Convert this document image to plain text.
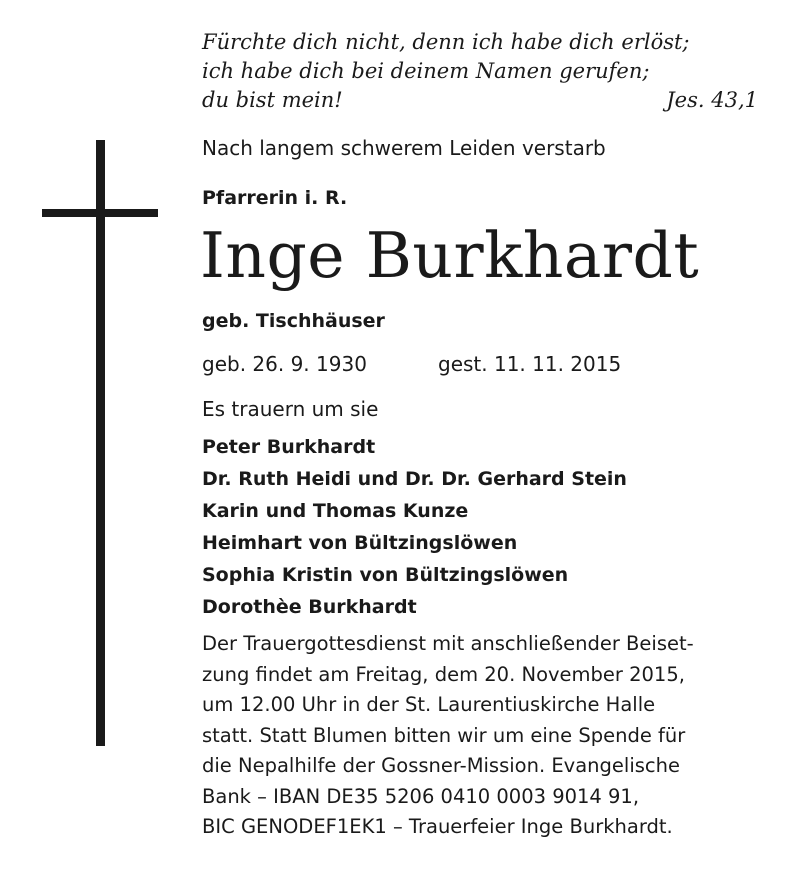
Fürchte dich nicht, denn ich habe dich erlöst;
ich habe dich bei deinem Namen gerufen;
du bist mein!	Jes. 43,1
Nach langem schwerem Leiden verstarb
Pfarrerin i. R.
Inge Burkhardt
geb. Tischhäuser
geb. 26. 9. 1930	gest. 11. 11. 2015
Es trauern um sie
Peter Burkhardt
Dr. Ruth Heidi und Dr. Dr. Gerhard Stein
Karin und Thomas Kunze
Heimhart von Bültzingslöwen
Sophia Kristin von Bültzingslöwen
Dorothèe Burkhardt
Der Trauergottesdienst mit anschließender Beiset-
zung findet am Freitag, dem 20. November 2015,
um 12.00 Uhr in der St. Laurentiuskirche Halle
statt. Statt Blumen bitten wir um eine Spende für
die Nepalhilfe der Gossner-Mission. Evangelische
Bank – IBAN DE35 5206 0410 0003 9014 91,
BIC GENODEF1EK1 – Trauerfeier Inge Burkhardt.
